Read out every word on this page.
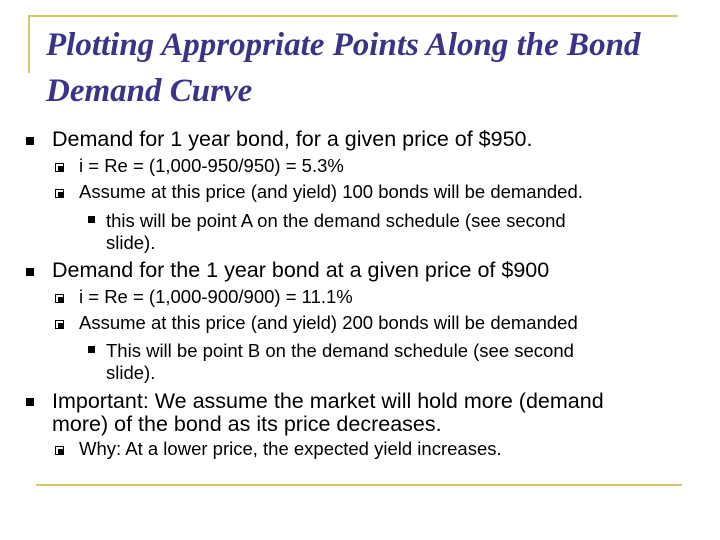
Plotting Appropriate Points Along the Bond
Demand Curve
Demand for 1 year bond, for a given price of $950.
i = Re = (1,000-950/950) = 5.3%
Assume at this price (and yield) 100 bonds will be demanded.
this will be point A on the demand schedule (see second
slide).
Demand for the 1 year bond at a given price of $900
i = Re = (1,000-900/900) = 11.1%
Assume at this price (and yield) 200 bonds will be demanded
This will be point B on the demand schedule (see second
slide).
Important: We assume the market will hold more (demand
more) of the bond as its price decreases.
Why: At a lower price, the expected yield increases.
